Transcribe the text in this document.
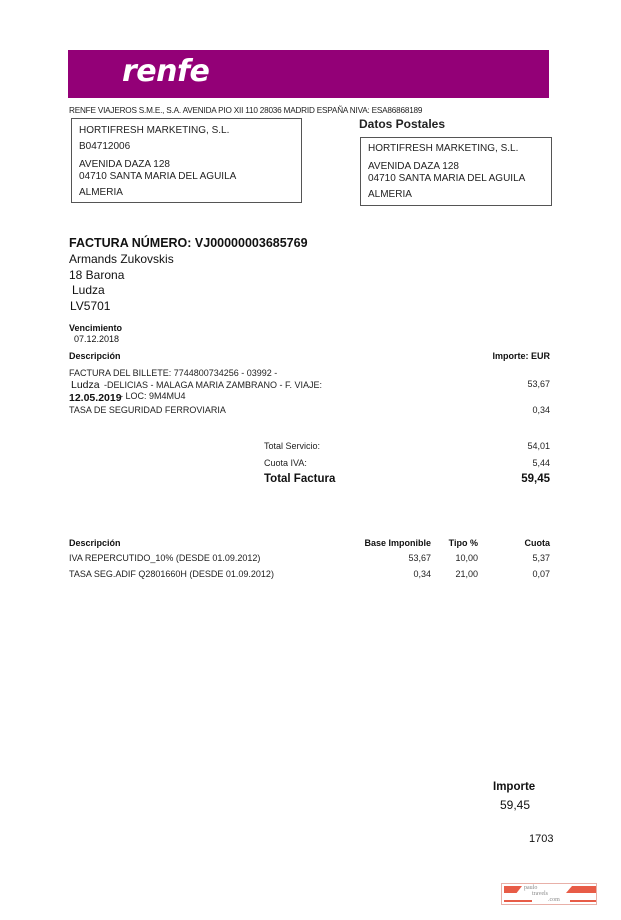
renfe
RENFE VIAJEROS S.M.E., S.A. AVENIDA PIO XII 110 28036 MADRID ESPAÑA NIVA: ESA86868189
HORTIFRESH MARKETING, S.L.
B04712006
AVENIDA DAZA 128
04710 SANTA MARIA DEL AGUILA
ALMERIA
Datos Postales
HORTIFRESH MARKETING, S.L.
AVENIDA DAZA 128
04710 SANTA MARIA DEL AGUILA
ALMERIA
FACTURA NÚMERO: VJ00000003685769
Armands Zukovskis
18 Barona
Ludza
LV5701
Vencimiento
07.12.2018
Descripción	Importe: EUR
FACTURA DEL BILLETE: 7744800734256 - 03992 -
Ludza -DELICIAS - MALAGA MARIA ZAMBRANO - F. VIAJE:
12.05.2019
- LOC: 9M4MU4
53,67
TASA DE SEGURIDAD FERROVIARIA	0,34
Total Servicio:	54,01
Cuota IVA:	5,44
Total Factura	59,45
Descripción	Base Imponible	Tipo %	Cuota
IVA REPERCUTIDO_10% (DESDE 01.09.2012)	53,67	10,00	5,37
TASA SEG.ADIF Q2801660H (DESDE 01.09.2012)	0,34	21,00	0,07
Importe
59,45
1703
paulo
travels
.com
